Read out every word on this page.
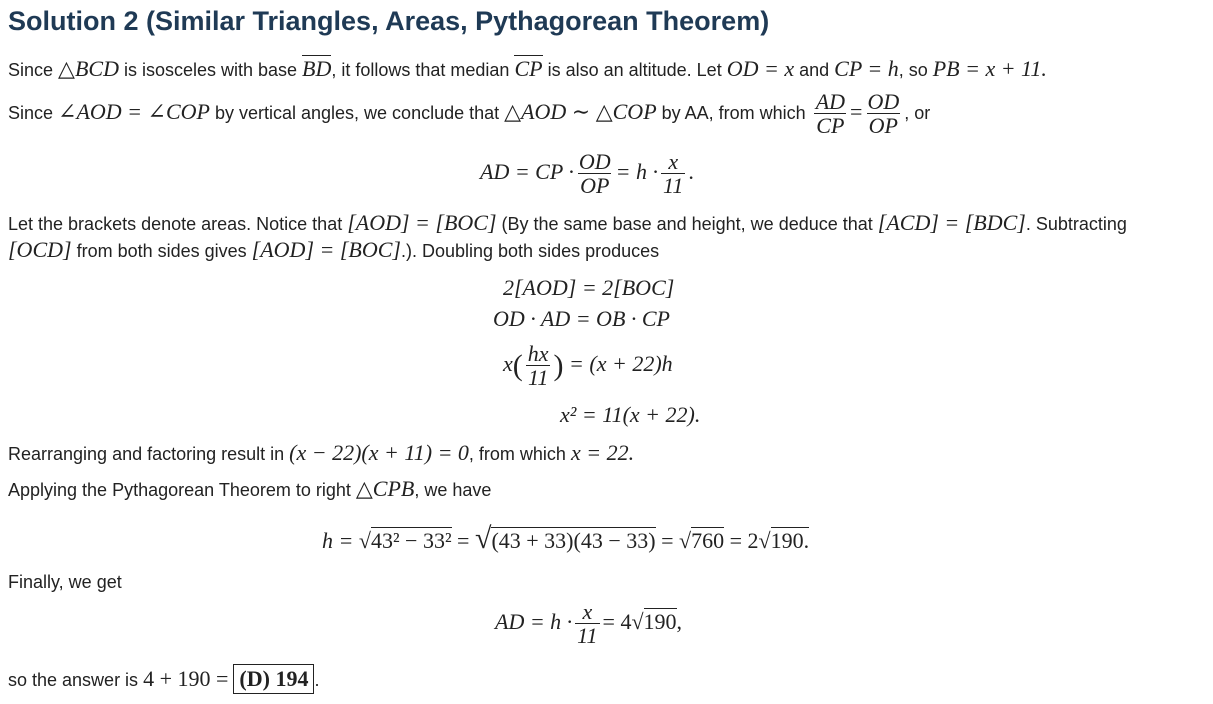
Solution 2 (Similar Triangles, Areas, Pythagorean Theorem)
Since △BCD is isosceles with base BD, it follows that median CP is also an altitude. Let OD = x and CP = h, so PB = x + 11.
Since ∠AOD = ∠COP by vertical angles, we conclude that △AOD ∼ △COP by AA, from which $\frac{AD}{CP} = \frac{OD}{OP}$ , or
AD = CP · $\frac{OD}{OP} = h \cdot \frac{x}{11}$ .
Let the brackets denote areas. Notice that [AOD] = [BOC] (By the same base and height, we deduce that [ACD] = [BDC]. Subtracting
[OCD] from both sides gives [AOD] = [BOC].). Doubling both sides produces
2[AOD] = 2[BOC]
OD · AD = OB · CP
$x( \frac{hx}{11}$ ) = (x + 22)h
x² = 11(x + 22).
Rearranging and factoring result in (x − 22)(x + 11) = 0, from which x = 22.
Applying the Pythagorean Theorem to right △CPB, we have
h = √43² − 33² = √(43 + 33)(43 − 33) = √760 = 2√190.
Finally, we get
AD = $h \cdot \frac{x}{11} = 4√190$,
so the answer is 4 + 190 = (D) 194 .
